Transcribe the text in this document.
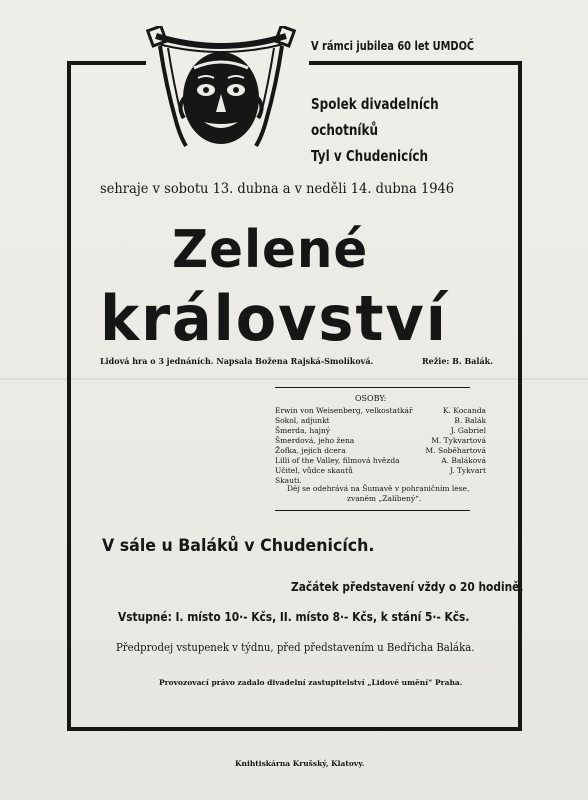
V rámci jubilea 60 let UMDOČ
Spolek divadelních
ochotníků
Tyl v Chudenicích
sehraje v sobotu 13. dubna a v neděli 14. dubna 1946
Zelené
království
Lidová hra o 3 jednáních. Napsala Božena Rajská-Smolíková.	Režie: B. Balák.
OSOBY:
Erwin von Weisenberg, velkostatkář	K. Kocanda
Sokol, adjunkt	B. Balák
Šmerda, hajný	J. Gabriel
Šmerdová, jeho žena	M. Tykvartová
Žofka, jejich dcera	M. Soběhartová
Lilli of the Valley, filmová hvězda	A. Baláková
Učitel, vůdce skautů	J. Tykvart
Skauti.
Děj se odehrává na Šumavě v pohraničním lese,
zvaném „Zalíbený“.
V sále u Baláků v Chudenicích.
Začátek představení vždy o 20 hodině.
Vstupné: I. místo 10·- Kčs, II. místo 8·- Kčs, k stání 5·- Kčs.
Předprodej vstupenek v týdnu, před představením u Bedřicha Baláka.
Provozovací právo zadalo divadelní zastupitelství „Lidové umění“ Praha.
Knihtiskárna Krušský, Klatovy.
